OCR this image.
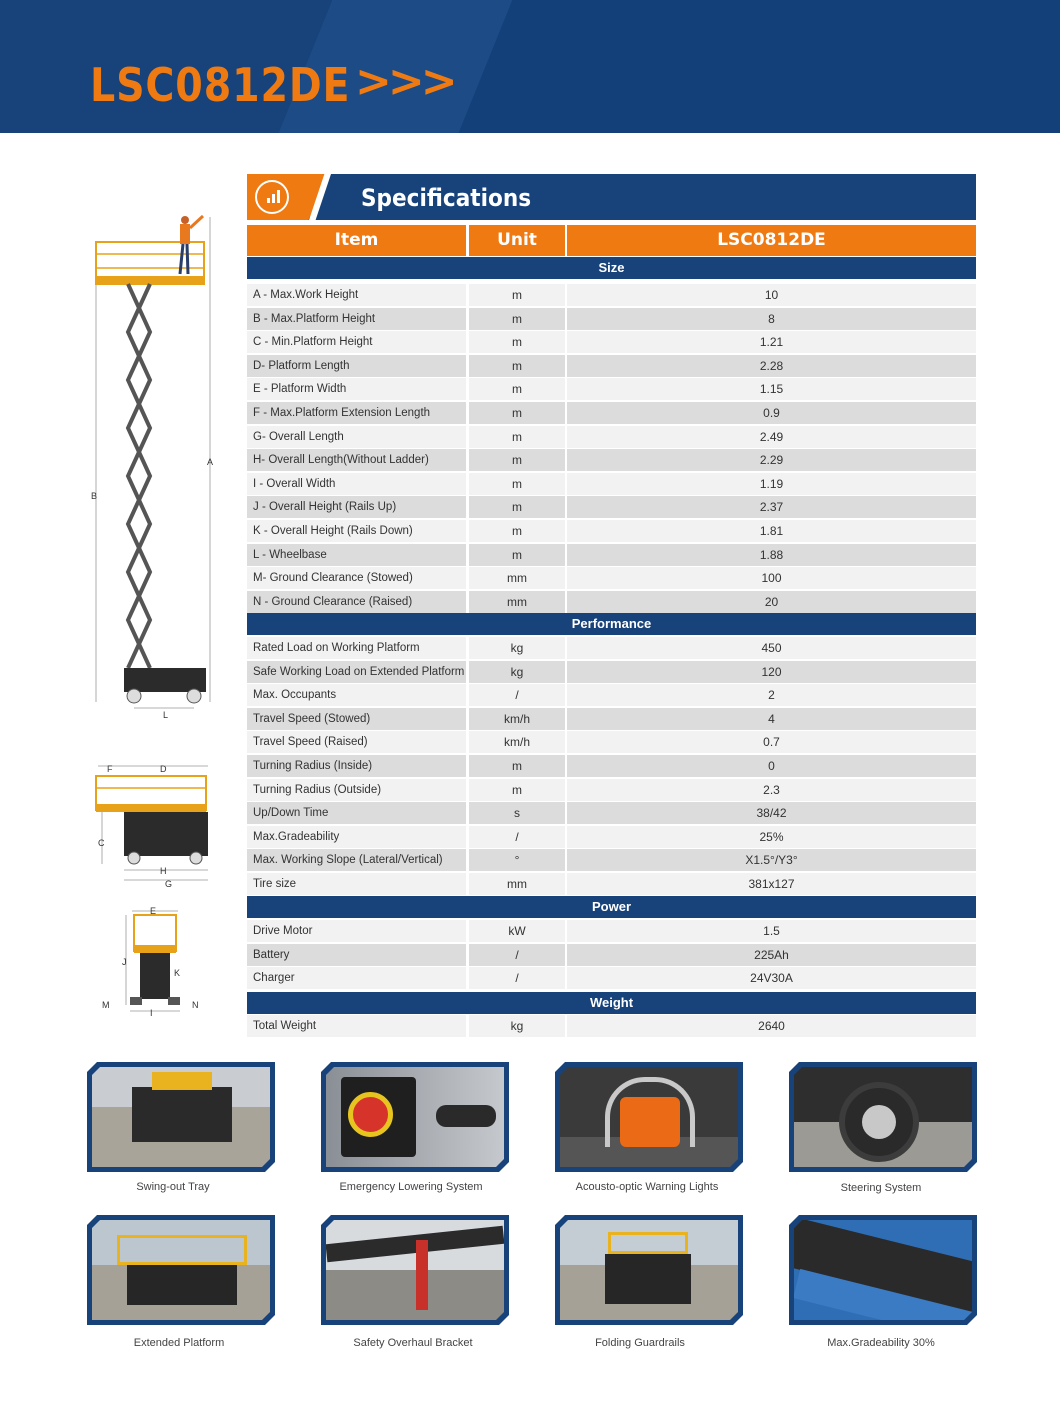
LSC0812DE >>>
Specifications
Item	Unit	LSC0812DE
Size
A - Max.Work Height	m	10
B - Max.Platform Height	m	8
C - Min.Platform Height	m	1.21
D- Platform Length	m	2.28
E - Platform Width	m	1.15
F - Max.Platform Extension Length	m	0.9
G- Overall Length	m	2.49
H- Overall Length(Without Ladder)	m	2.29
I - Overall Width	m	1.19
J - Overall Height (Rails Up)	m	2.37
K - Overall Height (Rails Down)	m	1.81
L - Wheelbase	m	1.88
M- Ground Clearance (Stowed)	mm	100
N - Ground Clearance (Raised)	mm	20
Performance
Rated Load on Working Platform	kg	450
Safe Working Load on Extended Platform	kg	120
Max. Occupants	/	2
Travel Speed (Stowed)	km/h	4
Travel Speed (Raised)	km/h	0.7
Turning Radius (Inside)	m	0
Turning Radius (Outside)	m	2.3
Up/Down Time	s	38/42
Max.Gradeability	/	25%
Max. Working Slope (Lateral/Vertical)	°	X1.5°/Y3°
Tire size	mm	381x127
Power
Drive Motor	kW	1.5
Battery	/	225Ah
Charger	/	24V30A
Weight
Total Weight	kg	2640
A
B
L
F	D
C
H
G
E
J
K
M
I
N
Swing-out Tray	Emergency Lowering System	Acousto-optic Warning Lights	Steering System
Extended Platform	Safety Overhaul Bracket	Folding Guardrails	Max.Gradeability 30%
